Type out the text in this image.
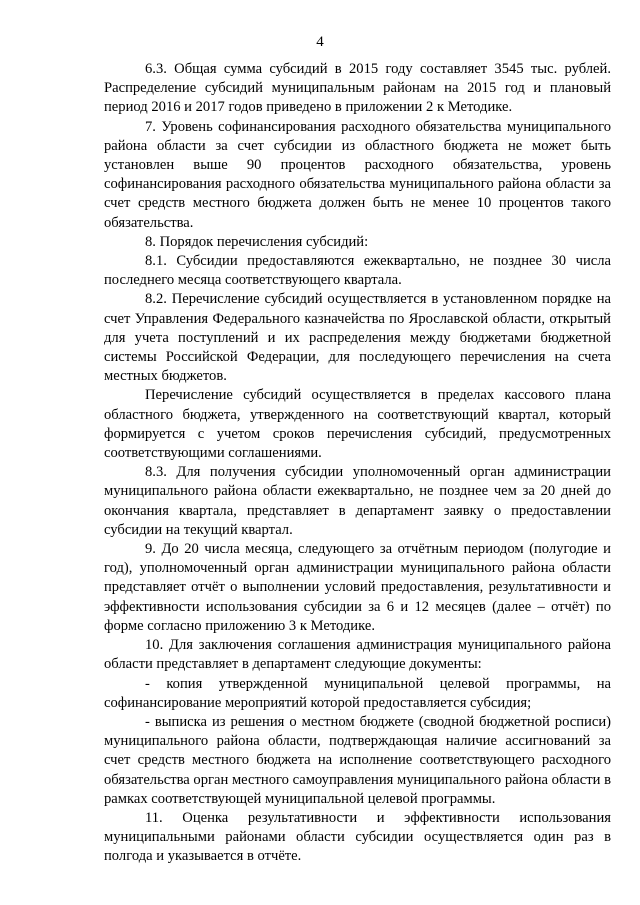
4

6.3. Общая сумма субсидий в 2015 году составляет 3545 тыс. рублей. Распределение субсидий муниципальным районам на 2015 год и плановый период 2016 и 2017 годов приведено в приложении 2 к Методике.

7. Уровень софинансирования расходного обязательства муниципального района области за счет субсидии из областного бюджета не может быть установлен выше 90 процентов расходного обязательства, уровень софинансирования расходного обязательства муниципального района области за счет средств местного бюджета должен быть не менее 10 процентов такого обязательства.

8. Порядок перечисления субсидий:

8.1. Субсидии предоставляются ежеквартально, не позднее 30 числа последнего месяца соответствующего квартала.

8.2. Перечисление субсидий осуществляется в установленном порядке на счет Управления Федерального казначейства по Ярославской области, открытый для учета поступлений и их распределения между бюджетами бюджетной системы Российской Федерации, для последующего перечисления на счета местных бюджетов.

Перечисление субсидий осуществляется в пределах кассового плана областного бюджета, утвержденного на соответствующий квартал, который формируется с учетом сроков перечисления субсидий, предусмотренных соответствующими соглашениями.

8.3. Для получения субсидии уполномоченный орган администрации муниципального района области ежеквартально, не позднее чем за 20 дней до окончания квартала, представляет в департамент заявку о предоставлении субсидии на текущий квартал.

9. До 20 числа месяца, следующего за отчётным периодом (полугодие и год), уполномоченный орган администрации муниципального района области представляет отчёт о выполнении условий предоставления, результативности и эффективности использования субсидии за 6 и 12 месяцев (далее – отчёт) по форме согласно приложению 3 к Методике.

10. Для заключения соглашения администрация муниципального района области представляет в департамент следующие документы:

- копия утвержденной муниципальной целевой программы, на софинансирование мероприятий которой предоставляется субсидия;

- выписка из решения о местном бюджете (сводной бюджетной росписи) муниципального района области, подтверждающая наличие ассигнований за счет средств местного бюджета на исполнение соответствующего расходного обязательства орган местного самоуправления муниципального района области в рамках соответствующей муниципальной целевой программы.

11. Оценка результативности и эффективности использования муниципальными районами области субсидии осуществляется один раз в полгода и указывается в отчёте.
